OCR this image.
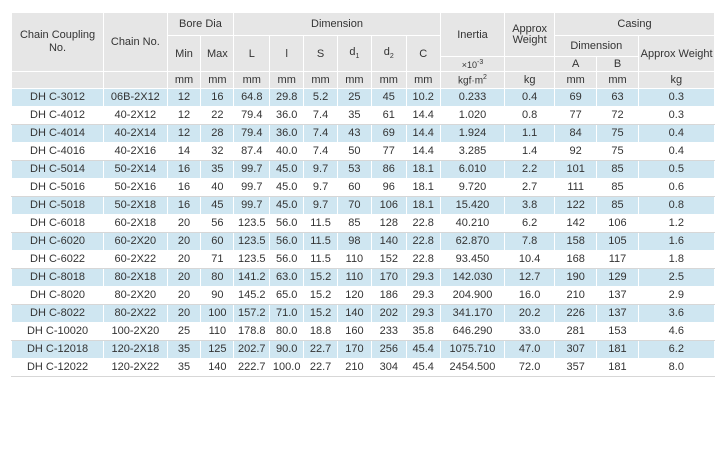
Chain Coupling No.	Chain No.	Bore Dia		Dimension						Inertia	Approx Weight	Casing		
		Min	Max	L	l	S	$d_1$	$d_2$	C			Dimension		Approx Weight
										$\times 10^{-3}$		A	B	
		mm	mm	mm	mm	mm	mm	mm	mm	$kgf\cdot m^2$	kg	mm	mm	kg
DH C-3012	06B-2X12	12	16	64.8	29.8	5.2	25	45	10.2	0.233	0.4	69	63	0.3
DH C-4012	40-2X12	12	22	79.4	36.0	7.4	35	61	14.4	1.020	0.8	77	72	0.3
DH C-4014	40-2X14	12	28	79.4	36.0	7.4	43	69	14.4	1.924	1.1	84	75	0.4
DH C-4016	40-2X16	14	32	87.4	40.0	7.4	50	77	14.4	3.285	1.4	92	75	0.4
DH C-5014	50-2X14	16	35	99.7	45.0	9.7	53	86	18.1	6.010	2.2	101	85	0.5
DH C-5016	50-2X16	16	40	99.7	45.0	9.7	60	96	18.1	9.720	2.7	111	85	0.6
DH C-5018	50-2X18	16	45	99.7	45.0	9.7	70	106	18.1	15.420	3.8	122	85	0.8
DH C-6018	60-2X18	20	56	123.5	56.0	11.5	85	128	22.8	40.210	6.2	142	106	1.2
DH C-6020	60-2X20	20	60	123.5	56.0	11.5	98	140	22.8	62.870	7.8	158	105	1.6
DH C-6022	60-2X22	20	71	123.5	56.0	11.5	110	152	22.8	93.450	10.4	168	117	1.8
DH C-8018	80-2X18	20	80	141.2	63.0	15.2	110	170	29.3	142.030	12.7	190	129	2.5
DH C-8020	80-2X20	20	90	145.2	65.0	15.2	120	186	29.3	204.900	16.0	210	137	2.9
DH C-8022	80-2X22	20	100	157.2	71.0	15.2	140	202	29.3	341.170	20.2	226	137	3.6
DH C-10020	100-2X20	25	110	178.8	80.0	18.8	160	233	35.8	646.290	33.0	281	153	4.6
DH C-12018	120-2X18	35	125	202.7	90.0	22.7	170	256	45.4	1075.710	47.0	307	181	6.2
DH C-12022	120-2X22	35	140	222.7	100.0	22.7	210	304	45.4	2454.500	72.0	357	181	8.0
